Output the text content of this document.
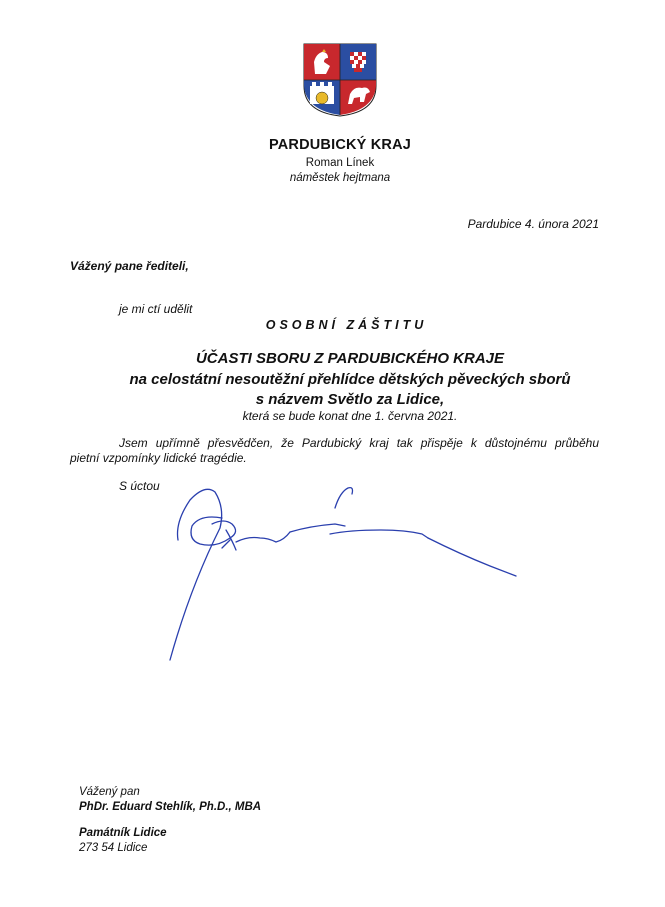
PARDUBICKÝ KRAJ
Roman Línek
náměstek hejtmana
Pardubice 4. února 2021
Vážený pane řediteli,
je mi ctí udělit
OSOBNÍ ZÁŠTITU
ÚČASTI SBORU Z PARDUBICKÉHO KRAJE
na celostátní nesoutěžní přehlídce dětských pěveckých sborů
s názvem Světlo za Lidice,
která se bude konat dne 1. června 2021.
Jsem upřímně přesvědčen, že Pardubický kraj tak přispěje k důstojnému průběhu
pietní vzpomínky lidické tragédie.
S úctou
Vážený pan
PhDr. Eduard Stehlík, Ph.D., MBA
Památník Lidice
273 54 Lidice
